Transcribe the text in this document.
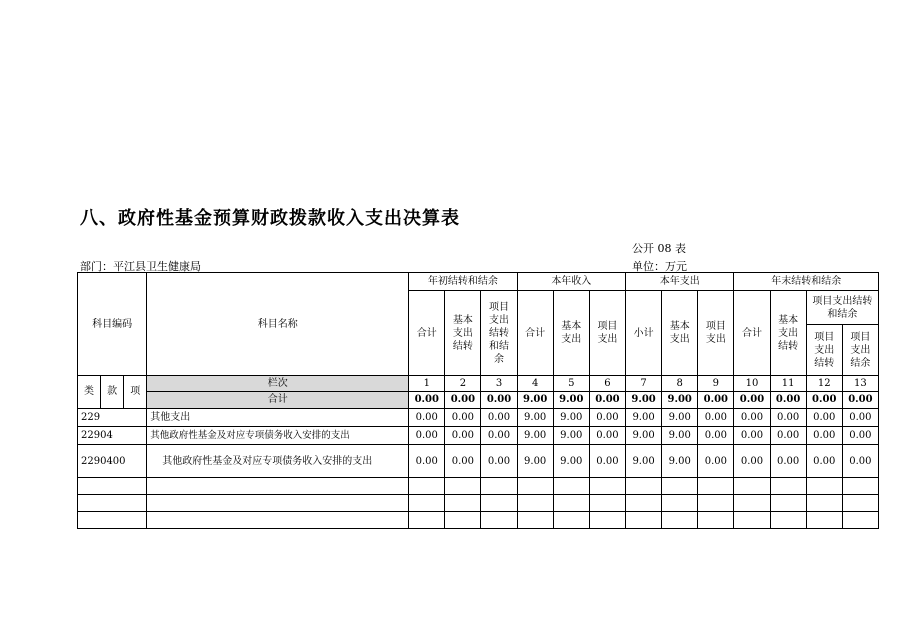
八、政府性基金预算财政拨款收入支出决算表
公开 08 表
部门：平江县卫生健康局	单位：万元
科目编码			科目名称	年初结转和结余			本年收入			本年支出			年末结转和结余			
				合计	基本支出结转	项目支出结转和结余	合计	基本支出	项目支出	小计	基本支出	项目支出	合计	基本支出结转	项目支出结转和结余	
															项目支出结转	项目支出结余

类	款	项	栏次	1	2	3	4	5	6	7	8	9	10	11	12	13
			合计	0.00	0.00	0.00	9.00	9.00	0.00	9.00	9.00	0.00	0.00	0.00	0.00	0.00
229			其他支出	0.00	0.00	0.00	9.00	9.00	0.00	9.00	9.00	0.00	0.00	0.00	0.00	0.00
22904			其他政府性基金及对应专项债务收入安排的支出	0.00	0.00	0.00	9.00	9.00	0.00	9.00	9.00	0.00	0.00	0.00	0.00	0.00
2290400			其他政府性基金及对应专项债务收入安排的支出	0.00	0.00	0.00	9.00	9.00	0.00	9.00	9.00	0.00	0.00	0.00	0.00	0.00
